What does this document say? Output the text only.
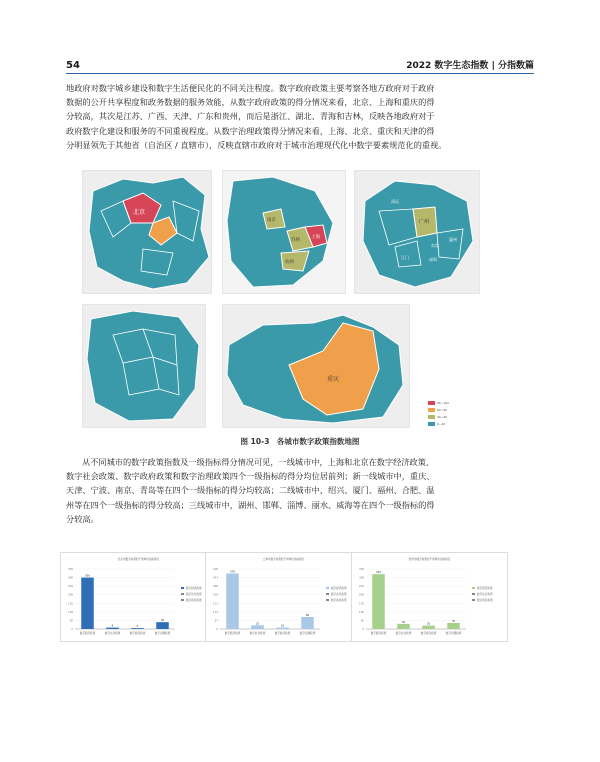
54	2022 数字生态指数 | 分指数篇

地政府对数字城乡建设和数字生活便民化的不同关注程度。数字政府政策主要考察各地方政府对于政府

数据的公开共享程度和政务数据的服务效能，从数字政府政策的得分情况来看，北京、上海和重庆的得

分较高，其次是江苏、广西、天津、广东和贵州，而后是浙江、湖北、青海和吉林，反映各地政府对于

政府数字化建设和服务的不同重视程度。从数字治理政策得分情况来看，上海、北京、重庆和天津的得

分明显领先于其他省（自治区 / 直辖市），反映直辖市政府对于城市治理现代化中数字要素规范化的重视。

北京
上海
苏州
杭州
南京	广州
东莞
深圳
江门
惠州
清远
重庆
90~100
60~90
40~60
0~40
图 10-3　各城市数字政策指数地图

从不同城市的数字政策指数及一级指标得分情况可见，一线城市中，上海和北京在数字经济政策、

数字社会政策、数字政府政策和数字治理政策四个一级指标的得分均位居前列；新一线城市中，重庆、

天津、宁波、南京、青岛等在四个一级指标的得分均较高；二线城市中，绍兴、厦门、福州、合肥、温

州等在四个一级指标的得分较高；三线城市中，湖州、邯郸、淄博、丽水、威海等在四个一级指标的得

分较高。

北京市数字政策的不同城市指标排名
0
50
100
150
200
250
300
350
300
数字经济政策
8
数字社会政策
5
数字政府政策
40
数字治理政策
数字经济政策
数字社会政策
数字政府政策
上海市数字政策的不同城市指标排名
0
57
114
171
229
286
343
400
370
数字经济政策
25
数字社会政策
10
数字政府政策
80
数字治理政策
数字经济政策
数字社会政策
数字政府政策
杭州市数字政策的不同城市指标排名
0
50
100
150
200
250
300
350
320
数字经济政策
30
数字社会政策
20
数字政府政策
35
数字治理政策
数字经济政策
数字社会政策
数字政府政策
